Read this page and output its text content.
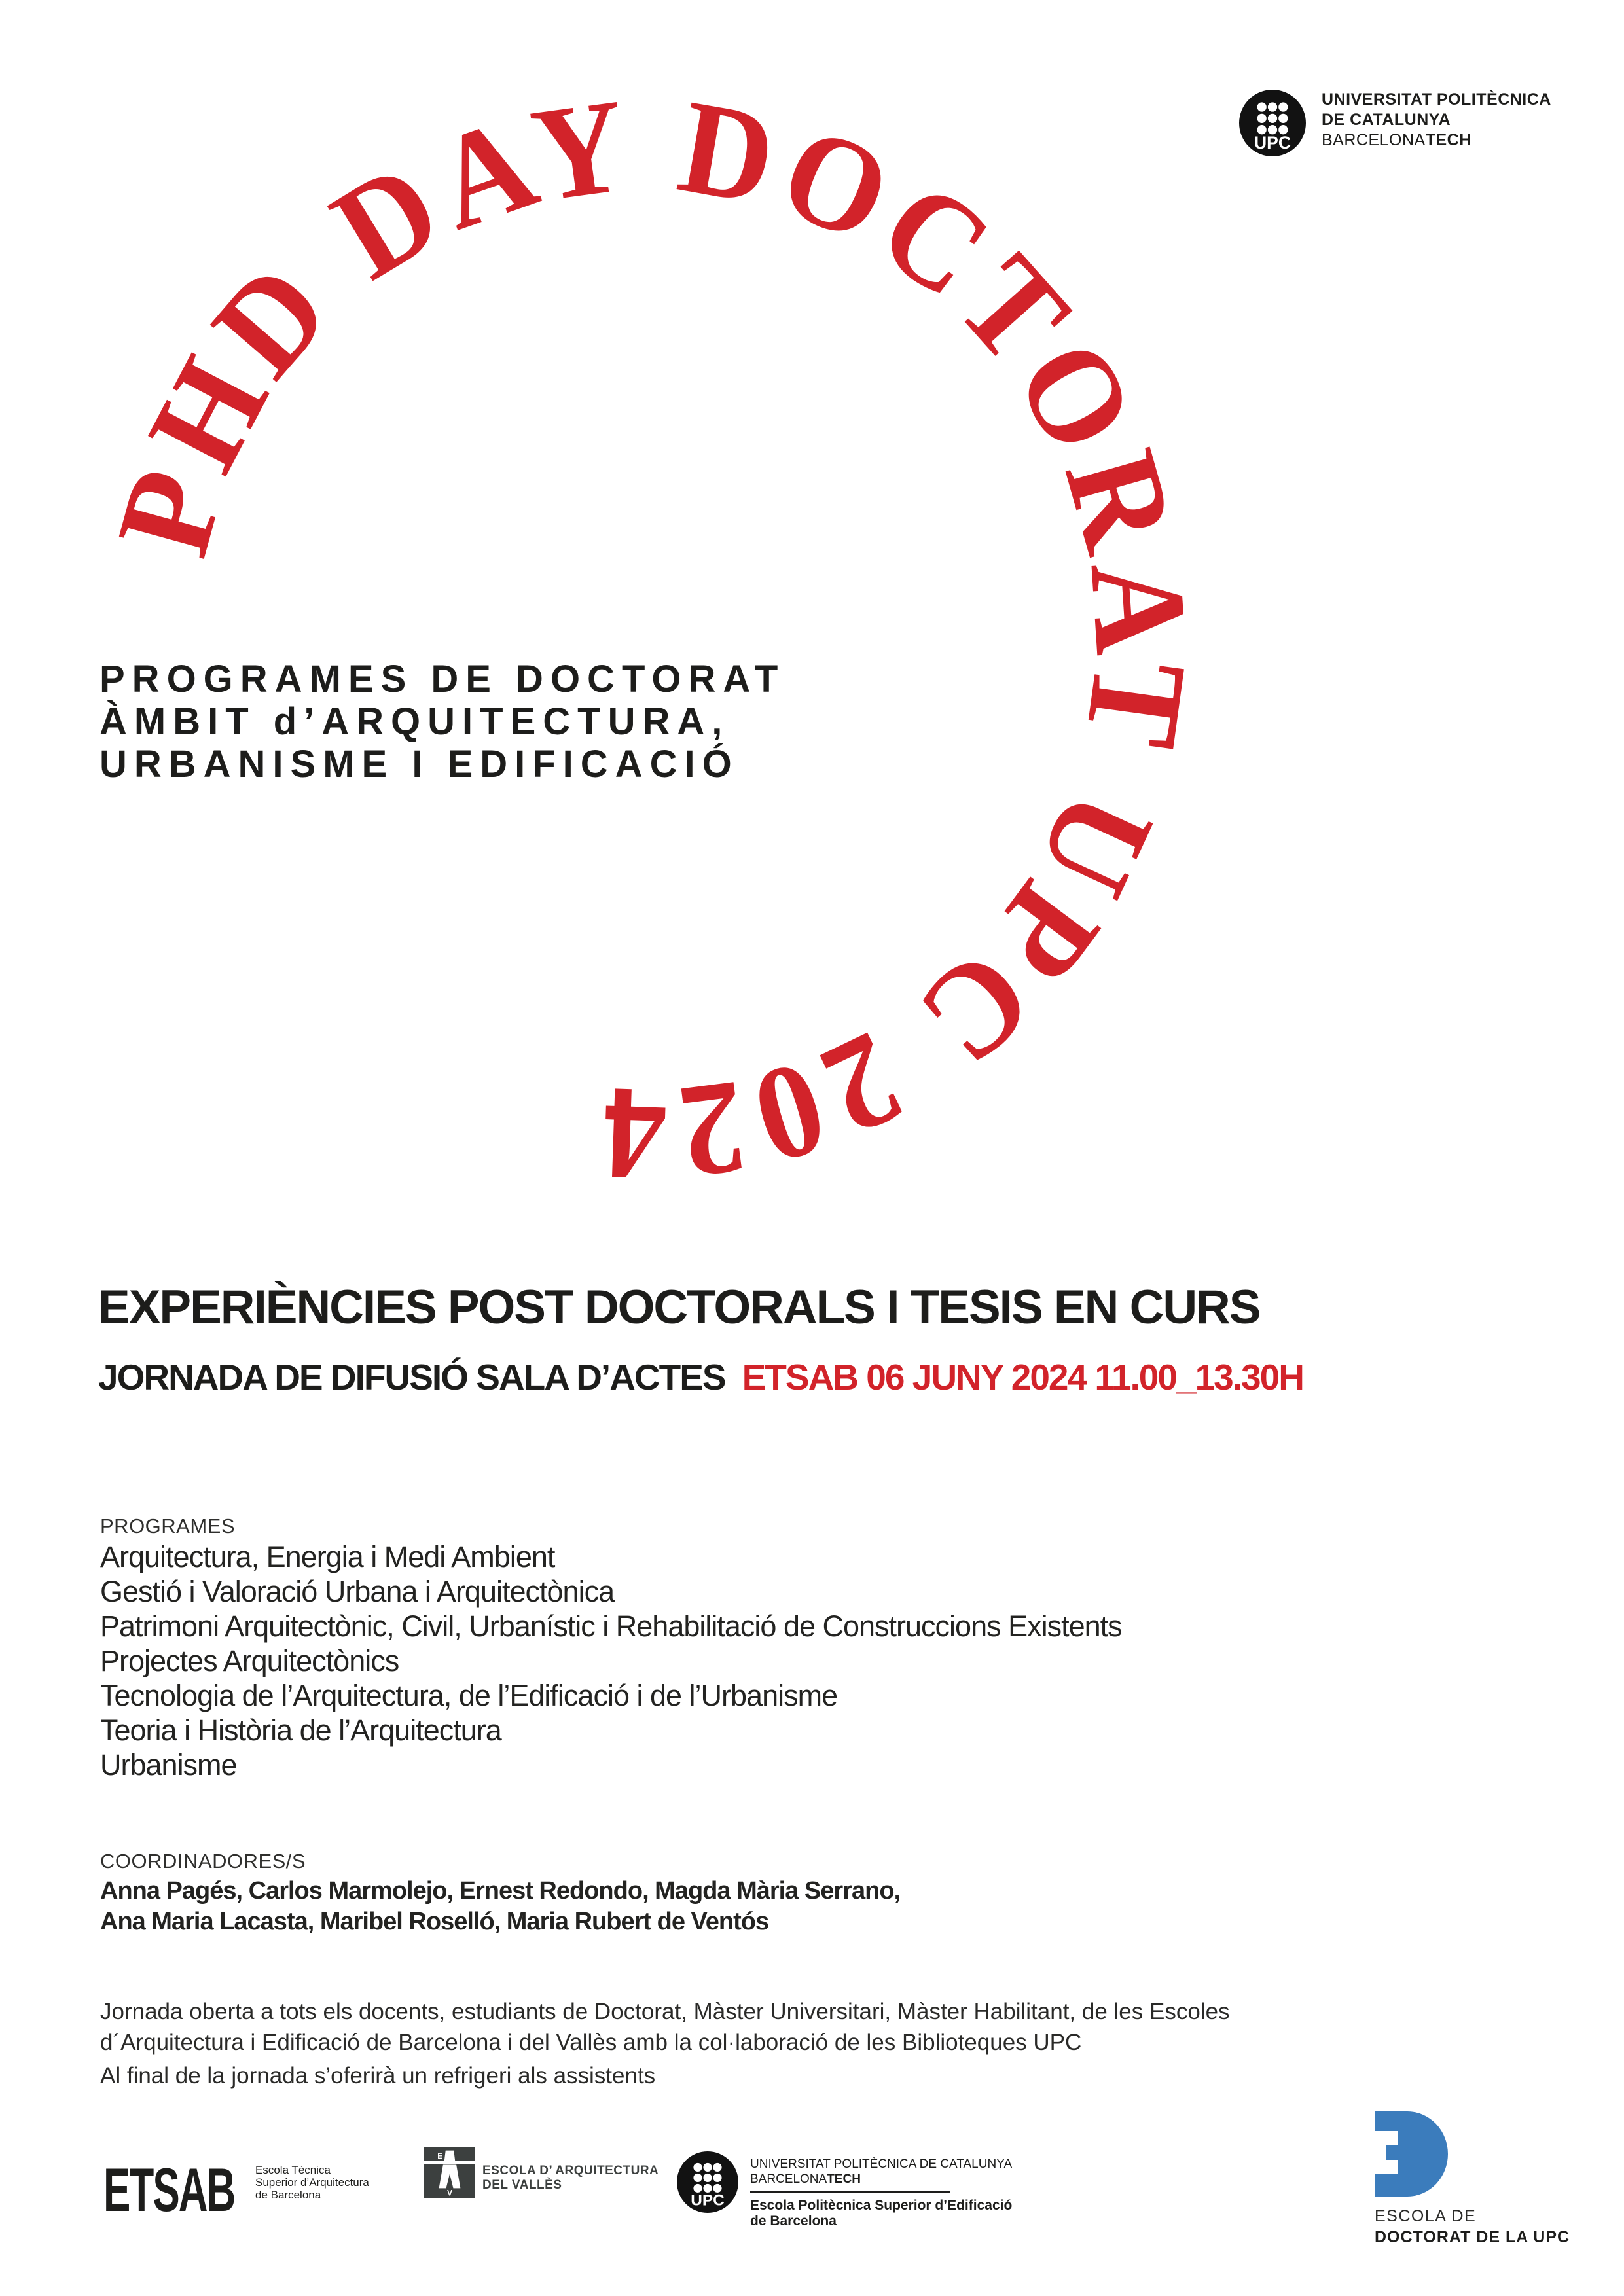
PHD DAY DOCTORAT UPC 2024
UPC
UNIVERSITAT POLITÈCNICA
DE CATALUNYA
BARCELONATECH
PROGRAMES DE DOCTORAT
ÀMBIT d’ARQUITECTURA,
URBANISME I EDIFICACIÓ
EXPERIÈNCIES POST DOCTORALS I TESIS EN CURS
JORNADA DE DIFUSIÓ SALA D’ACTES ETSAB 06 JUNY 2024 11.00_13.30H
PROGRAMES
Arquitectura, Energia i Medi Ambient
Gestió i Valoració Urbana i Arquitectònica
Patrimoni Arquitectònic, Civil, Urbanístic i Rehabilitació de Construccions Existents
Projectes Arquitectònics
Tecnologia de l’Arquitectura, de l’Edificació i de l’Urbanisme
Teoria i Història de l’Arquitectura
Urbanisme
COORDINADORES/S
Anna Pagés, Carlos Marmolejo, Ernest Redondo, Magda Mària Serrano,
Ana Maria Lacasta, Maribel Roselló, Maria Rubert de Ventós
Jornada oberta a tots els docents, estudiants de Doctorat, Màster Universitari, Màster Habilitant, de les Escoles
d´Arquitectura i Edificació de Barcelona i del Vallès amb la col·laboració de les Biblioteques UPC
Al final de la jornada s’oferirà un refrigeri als assistents
ETSAB Escola Tècnica
Superior d’Arquitectura
de Barcelona
E
V
ESCOLA D’ ARQUITECTURA
DEL VALLÈS
UPC
UNIVERSITAT POLITÈCNICA DE CATALUNYA
BARCELONATECH
Escola Politècnica Superior d’Edificació
de Barcelona	ESCOLA DE
DOCTORAT DE LA UPC
